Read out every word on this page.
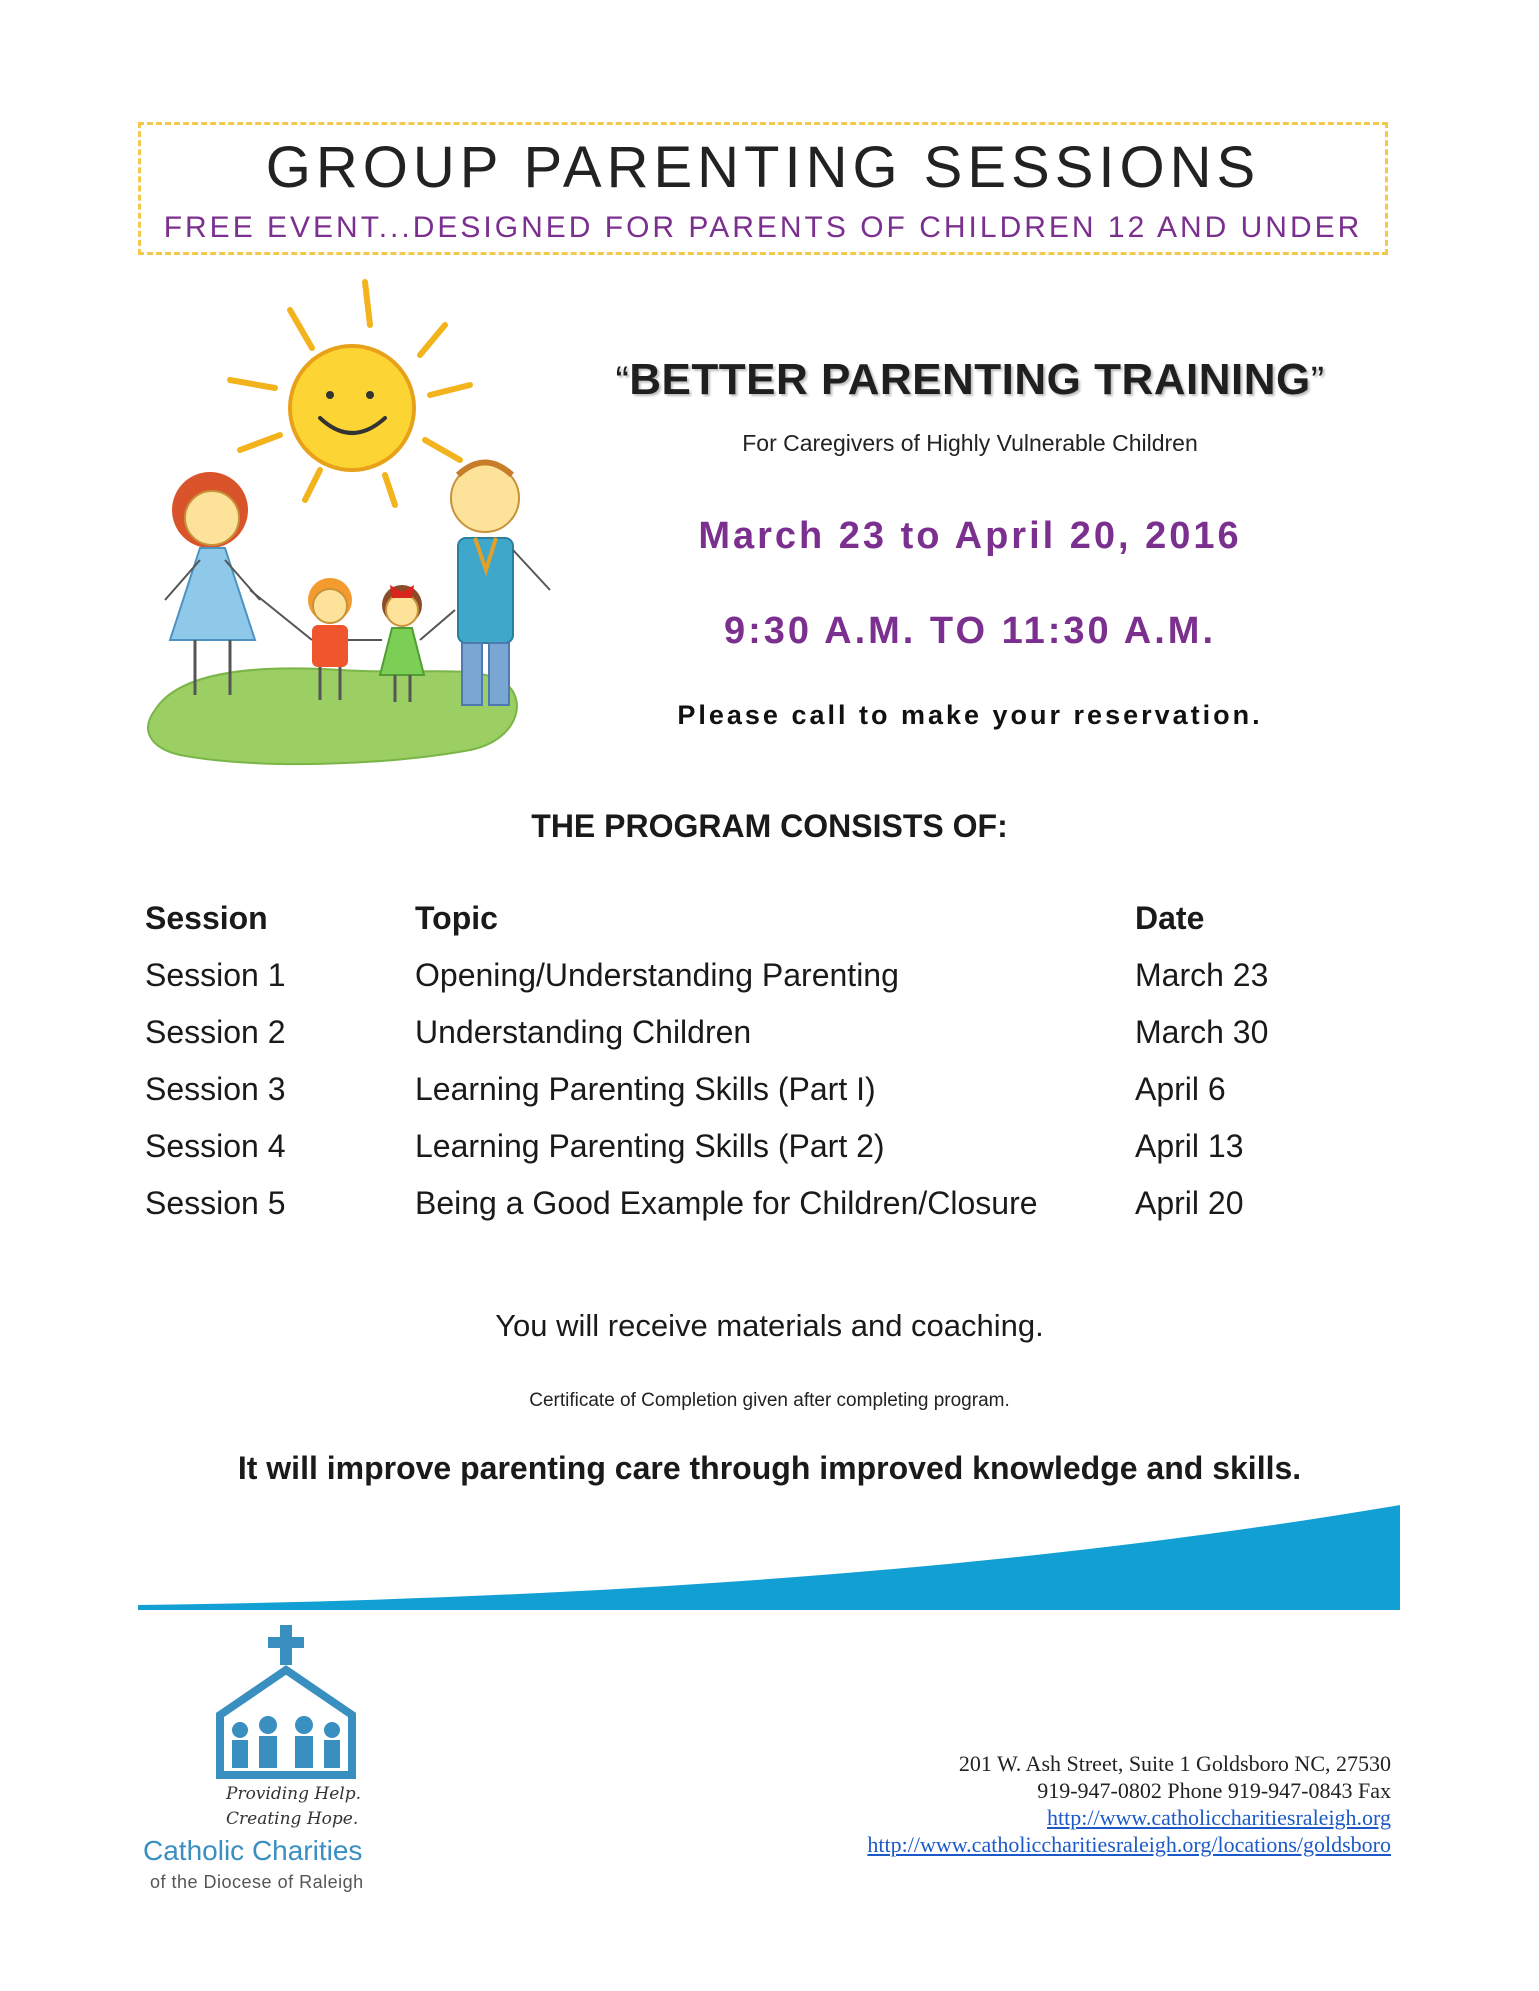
GROUP PARENTING SESSIONS
FREE EVENT...DESIGNED FOR PARENTS OF CHILDREN 12 AND UNDER
“BETTER PARENTING TRAINING”
For Caregivers of Highly Vulnerable Children
March 23 to April 20, 2016
9:30 A.M. TO 11:30 A.M.
Please call to make your reservation.
THE PROGRAM CONSISTS OF:
Session	Topic	Date
Session 1	Opening/Understanding Parenting	March 23
Session 2	Understanding Children	March 30
Session 3	Learning Parenting Skills (Part I)	April 6
Session 4	Learning Parenting Skills (Part 2)	April 13
Session 5	Being a Good Example for Children/Closure	April 20
You will receive materials and coaching.
Certificate of Completion given after completing program.
It will improve parenting care through improved knowledge and skills.
Providing Help.
Creating Hope.
Catholic Charities
of the Diocese of Raleigh
201 W. Ash Street, Suite 1 Goldsboro NC, 27530
919-947-0802 Phone 919-947-0843 Fax
http://www.catholiccharitiesraleigh.org
http://www.catholiccharitiesraleigh.org/locations/goldsboro
